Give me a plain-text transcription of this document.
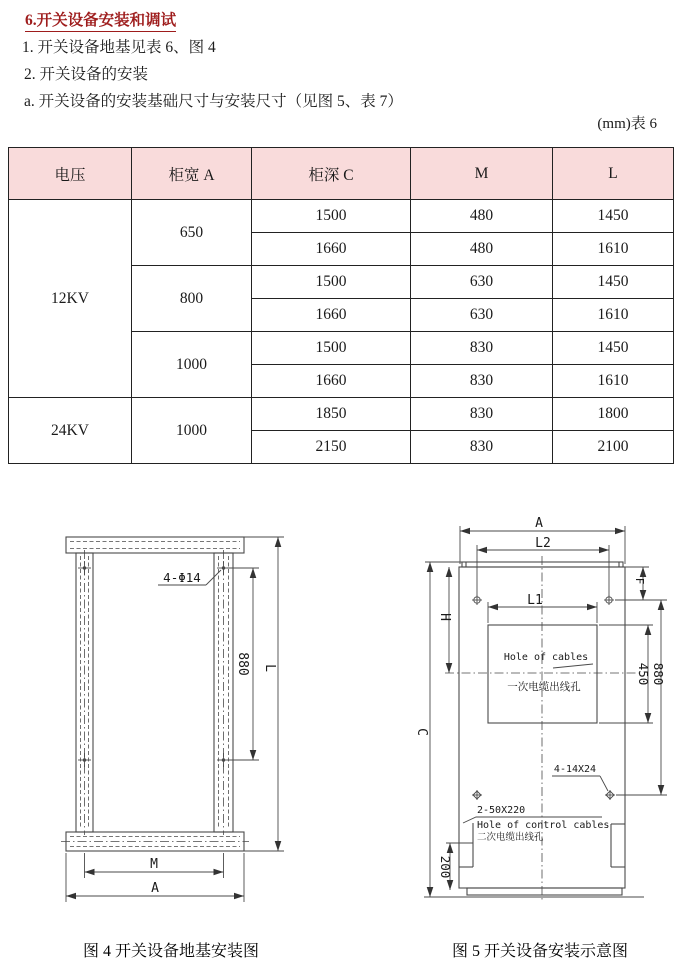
6.开关设备安装和调试
1. 开关设备地基见表 6、图 4
2. 开关设备的安装
a. 开关设备的安装基础尺寸与安装尺寸（见图 5、表 7）
(mm)表 6
电压	柜宽 A	柜深 C	M	L
12KV	650	1500	480	1450
		1660	480	1610
	800	1500	630	1450
		1660	630	1610
	1000	1500	830	1450
		1660	830	1610
24KV	1000	1850	830	1800
		2150	830	2100
4-Φ14
880 L
M
A
A
L2
L1
H
C
F
450 880
200
Hole of cables
一次电缆出线孔
4-14X24
2-50X220
Hole of control cables
二次电缆出线孔
图 4 开关设备地基安装图	图 5 开关设备安装示意图
